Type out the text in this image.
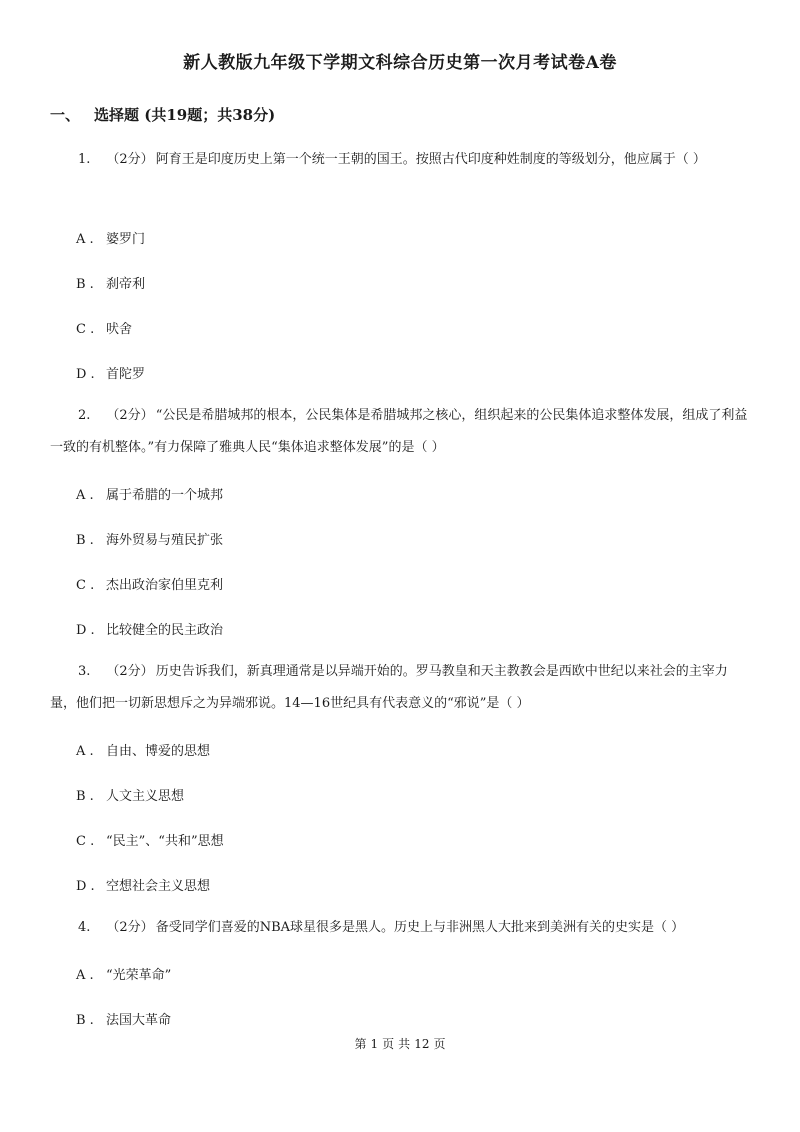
新人教版九年级下学期文科综合历史第一次月考试卷A卷
一、 选择题 (共19题；共38分)
1. （2分） 阿育王是印度历史上第一个统一王朝的国王。按照古代印度种姓制度的等级划分，他应属于（ ）
A . 婆罗门
B . 刹帝利
C . 吠舍
D . 首陀罗
2. （2分） “公民是希腊城邦的根本，公民集体是希腊城邦之核心，组织起来的公民集体追求整体发展，组成了利益一致的有机整体。”有力保障了雅典人民“集体追求整体发展”的是（ ）
A . 属于希腊的一个城邦
B . 海外贸易与殖民扩张
C . 杰出政治家伯里克利
D . 比较健全的民主政治
3. （2分） 历史告诉我们，新真理通常是以异端开始的。罗马教皇和天主教教会是西欧中世纪以来社会的主宰力量，他们把一切新思想斥之为异端邪说。14—16世纪具有代表意义的“邪说”是（ ）
A . 自由、博爱的思想
B . 人文主义思想
C . “民主”、“共和”思想
D . 空想社会主义思想
4. （2分） 备受同学们喜爱的NBA球星很多是黑人。历史上与非洲黑人大批来到美洲有关的史实是（ ）
A . “光荣革命”
B . 法国大革命
第 1 页 共 12 页
